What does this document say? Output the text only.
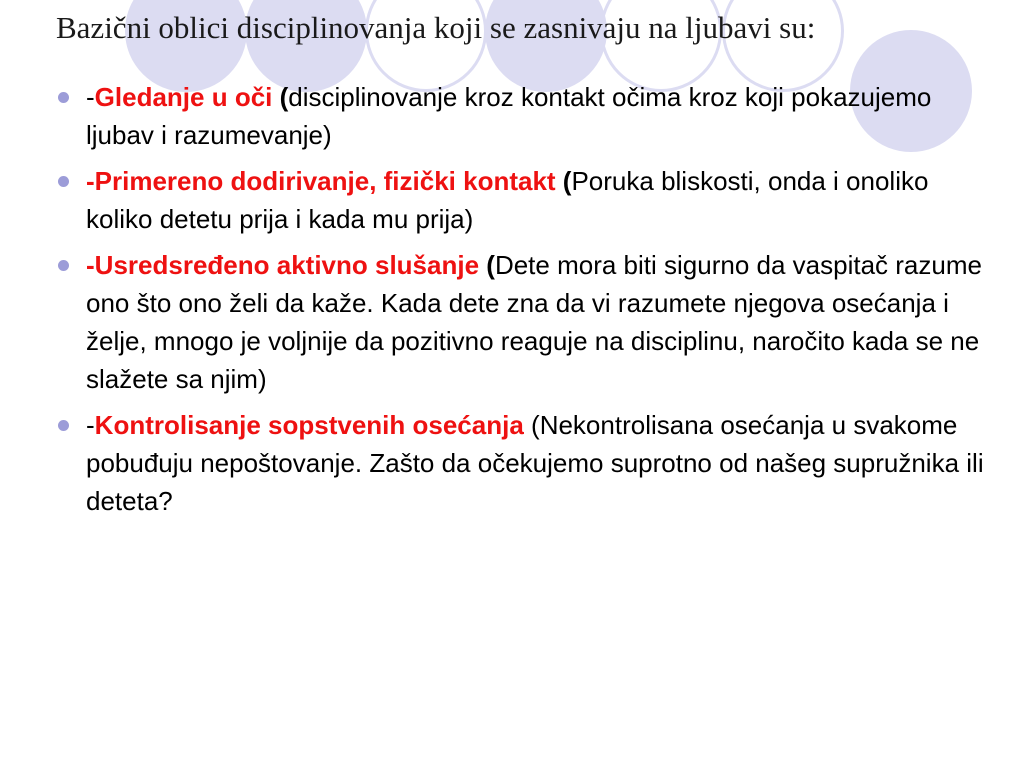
Bazični oblici disciplinovanja koji se zasnivaju na ljubavi su:
-Gledanje u oči (disciplinovanje kroz kontakt očima kroz koji pokazujemo ljubav i razumevanje)
-Primereno dodirivanje, fizički kontakt (Poruka bliskosti, onda i onoliko koliko detetu prija i kada mu prija)
-Usredsređeno aktivno slušanje (Dete mora biti sigurno da vaspitač razume ono što ono želi da kaže. Kada dete zna da vi razumete njegova osećanja i želje, mnogo je voljnije da pozitivno reaguje na disciplinu, naročito kada se ne slažete sa njim)
-Kontrolisanje sopstvenih osećanja (Nekontrolisana osećanja u svakome pobuđuju nepoštovanje. Zašto da očekujemo suprotno od našeg supružnika ili deteta?
